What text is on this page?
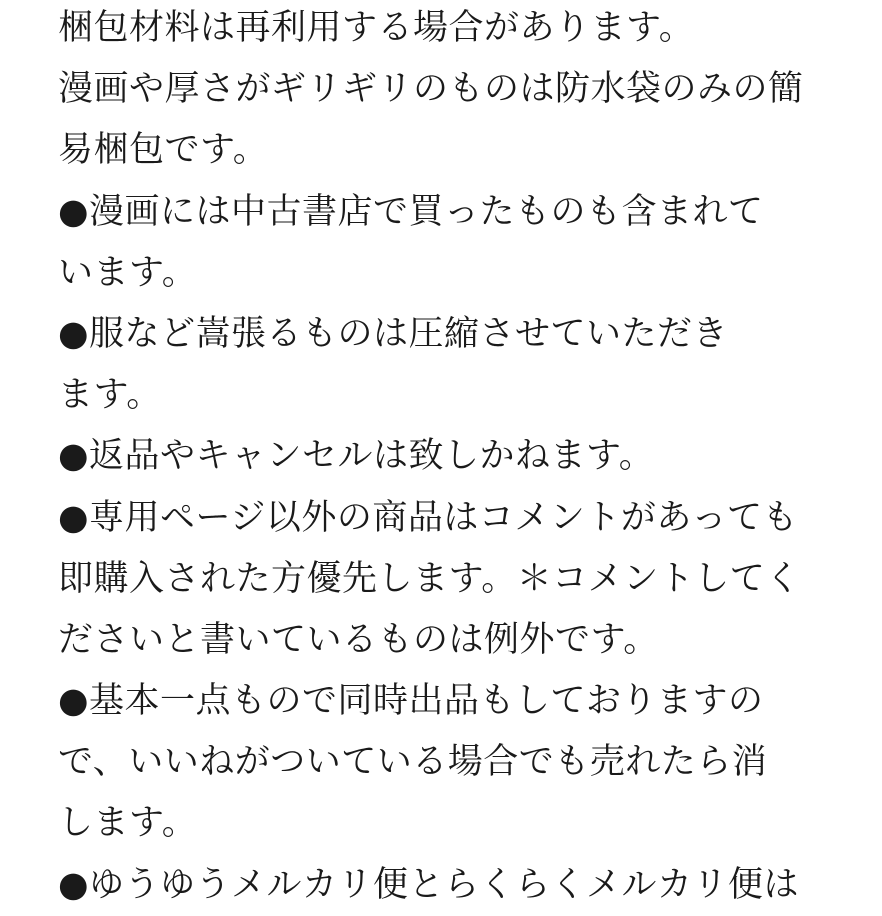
梱包材料は再利用する場合があります。
漫画や厚さがギリギリのものは防水袋のみの簡
易梱包です。
●漫画には中古書店で買ったものも含まれて
います。
●服など嵩張るものは圧縮させていただき
ます。
●返品やキャンセルは致しかねます。
●専用ページ以外の商品はコメントがあっても
即購入された方優先します。＊コメントしてく
ださいと書いているものは例外です。
●基本一点もので同時出品もしておりますの
で、いいねがついている場合でも売れたら消
します。
●ゆうゆうメルカリ便とらくらくメルカリ便は
